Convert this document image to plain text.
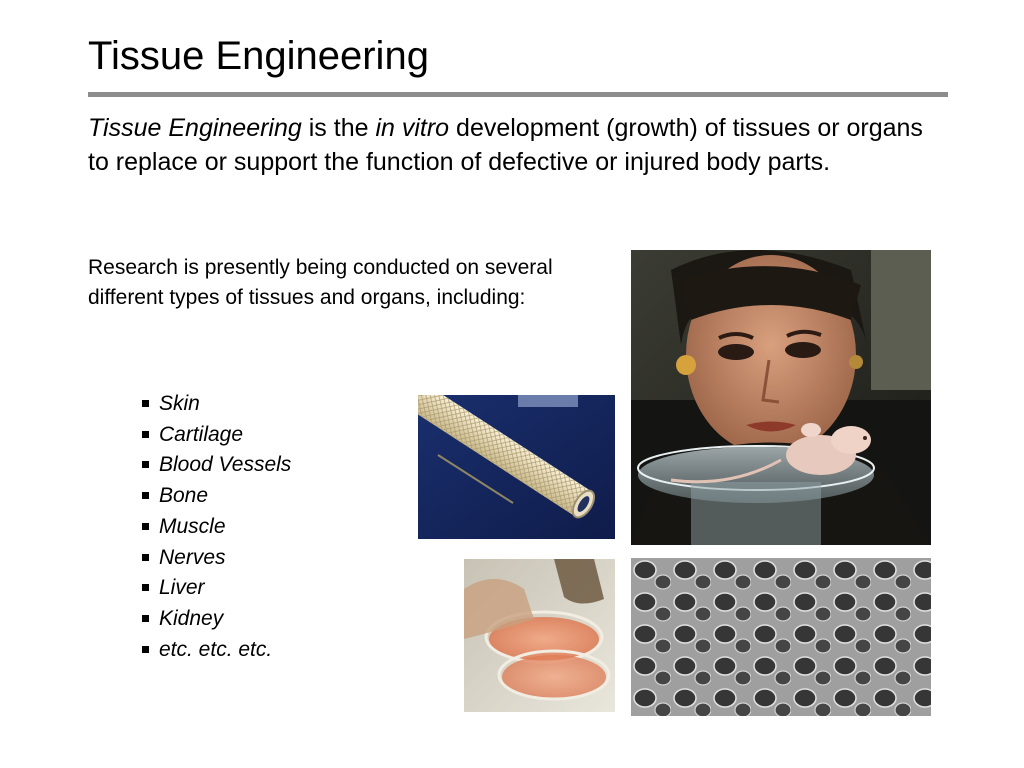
Tissue Engineering

Tissue Engineering is the in vitro development (growth) of tissues or organs to replace or support the function of defective or injured body parts.

Research is presently being conducted on several different types of tissues and organs, including:

Skin
Cartilage
Blood Vessels
Bone
Muscle
Nerves
Liver
Kidney
etc. etc. etc.
